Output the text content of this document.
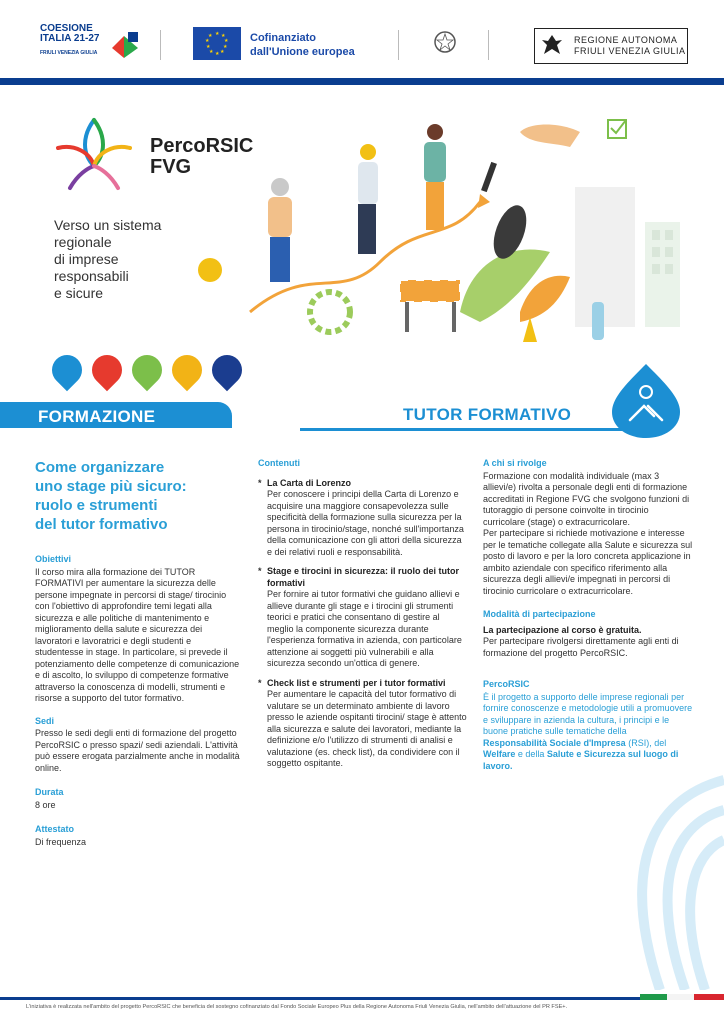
COESIONE
ITALIA 21-27
FRIULI VENEZIA GIULIA
★ ★
★
★
★
★
★
★
★
★	Cofinanziato
dall'Unione europea
REGIONE AUTONOMA
FRIULI VENEZIA GIULIA
PercoRSIC
FVG
Verso un sistema
regionale
di imprese
responsabili
e sicure
FORMAZIONE	TUTOR FORMATIVO
Come organizzare
uno stage più sicuro:
ruolo e strumenti
del tutor formativo
Obiettivi

Il corso mira alla formazione dei TUTOR FORMATIVI per aumentare la sicurezza delle persone impegnate in percorsi di stage/ tirocinio con l'obiettivo di approfondire temi legati alla sicurezza e alle politiche di mantenimento e miglioramento della salute e sicurezza dei lavoratori e lavoratrici e degli studenti e studentesse in stage. In particolare, si prevede il potenziamento delle competenze di comunicazione e di ascolto, lo sviluppo di competenze formative attraverso la conoscenza di modelli, strumenti e risorse a supporto del tutor formativo.

Sedi

Presso le sedi degli enti di formazione del progetto PercoRSIC o presso spazi/ sedi aziendali. L'attività può essere erogata parzialmente anche in modalità online.

Durata

8 ore

Attestato

Di frequenza

Contenuti
* La Carta di Lorenzo
Per conoscere i principi della Carta di Lorenzo e acquisire una maggiore consapevolezza sulle specificità della formazione sulla sicurezza per la persona in tirocinio/stage, nonché sull'importanza della comunicazione con gli attori della sicurezza e dei relativi ruoli e responsabilità.
* Stage e tirocini in sicurezza: il ruolo dei tutor formativi
Per fornire ai tutor formativi che guidano allievi e allieve durante gli stage e i tirocini gli strumenti teorici e pratici che consentano di gestire al meglio la componente sicurezza durante l'esperienza formativa in azienda, con particolare attenzione ai soggetti più vulnerabili e alla sicurezza secondo un'ottica di genere.
* Check list e strumenti per i tutor formativi
Per aumentare le capacità del tutor formativo di valutare se un determinato ambiente di lavoro presso le aziende ospitanti tirocini/ stage è attento alla sicurezza e salute dei lavoratori, mediante la definizione e/o l'utilizzo di strumenti di analisi e valutazione (es. check list), da condividere con il soggetto ospitante.
A chi si rivolge

Formazione con modalità individuale (max 3 allievi/e) rivolta a personale degli enti di formazione accreditati in Regione FVG che svolgono funzioni di tutoraggio di persone coinvolte in tirocinio curricolare (stage) o extracurricolare.

Per partecipare si richiede motivazione e interesse per le tematiche collegate alla Salute e sicurezza sul posto di lavoro e per la loro concreta applicazione in ambito aziendale con specifico riferimento alla sicurezza degli allievi/e impegnati in percorsi di tirocinio curricolare o extracurricolare.

Modalità di partecipazione

La partecipazione al corso è gratuita.

Per partecipare rivolgersi direttamente agli enti di formazione del progetto PercoRSIC.

PercoRSIC

È il progetto a supporto delle imprese regionali per fornire conoscenze e metodologie utili a promuovere e sviluppare in azienda la cultura, i principi e le buone pratiche sulle tematiche della Responsabilità Sociale d'Impresa (RSI), del Welfare e della Salute e Sicurezza sul luogo di lavoro.

L'iniziativa è realizzata nell'ambito del progetto PercoRSIC che beneficia del sostegno cofinanziato dal Fondo Sociale Europeo Plus della Regione Autonoma Friuli Venezia Giulia, nell'ambito dell'attuazione del PR FSE+.
